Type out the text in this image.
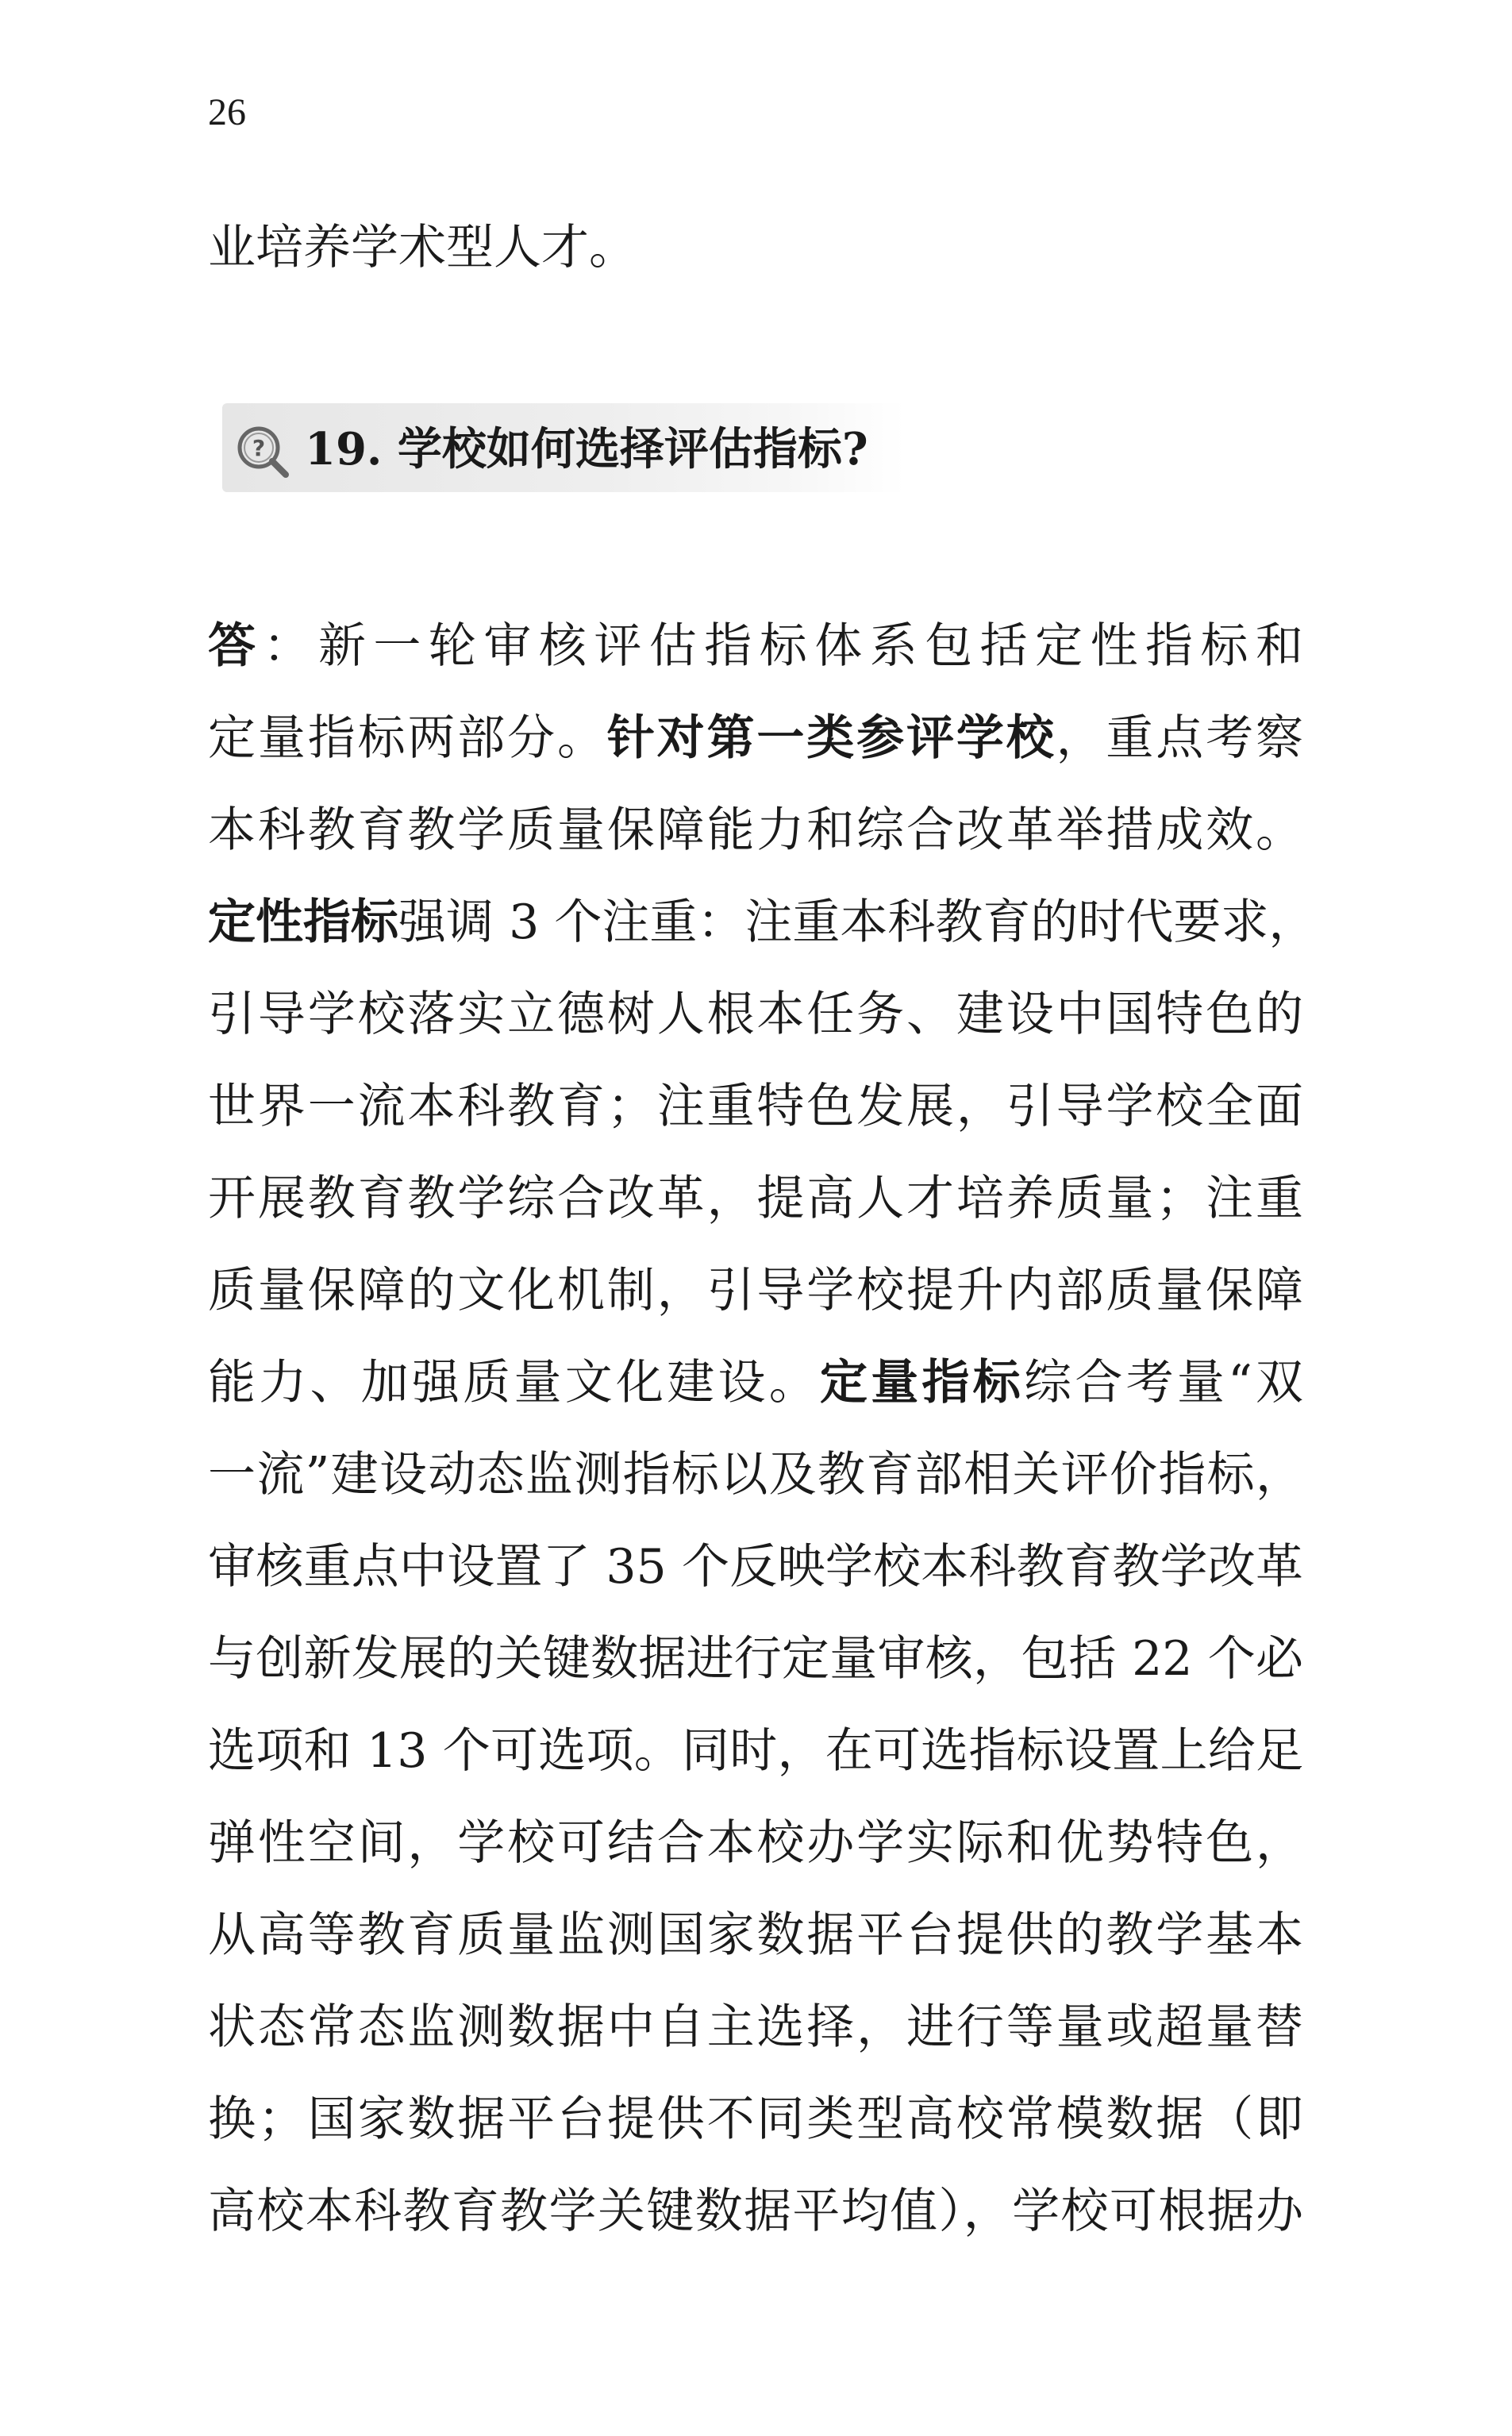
26
业培养学术型人才。
? 19. 学校如何选择评估指标?
答：新一轮审核评估指标体系包括定性指标和
定量指标两部分。针对第一类参评学校，重点考察
本科教育教学质量保障能力和综合改革举措成效。
定性指标强调 3 个注重：注重本科教育的时代要求，
引导学校落实立德树人根本任务、建设中国特色的
世界一流本科教育；注重特色发展，引导学校全面
开展教育教学综合改革，提高人才培养质量；注重
质量保障的文化机制，引导学校提升内部质量保障
能力、加强质量文化建设。定量指标综合考量“双
一流”建设动态监测指标以及教育部相关评价指标，
审核重点中设置了 35 个反映学校本科教育教学改革
与创新发展的关键数据进行定量审核，包括 22 个必
选项和 13 个可选项。同时，在可选指标设置上给足
弹性空间，学校可结合本校办学实际和优势特色，
从高等教育质量监测国家数据平台提供的教学基本
状态常态监测数据中自主选择，进行等量或超量替
换；国家数据平台提供不同类型高校常模数据（即
高校本科教育教学关键数据平均值），学校可根据办
